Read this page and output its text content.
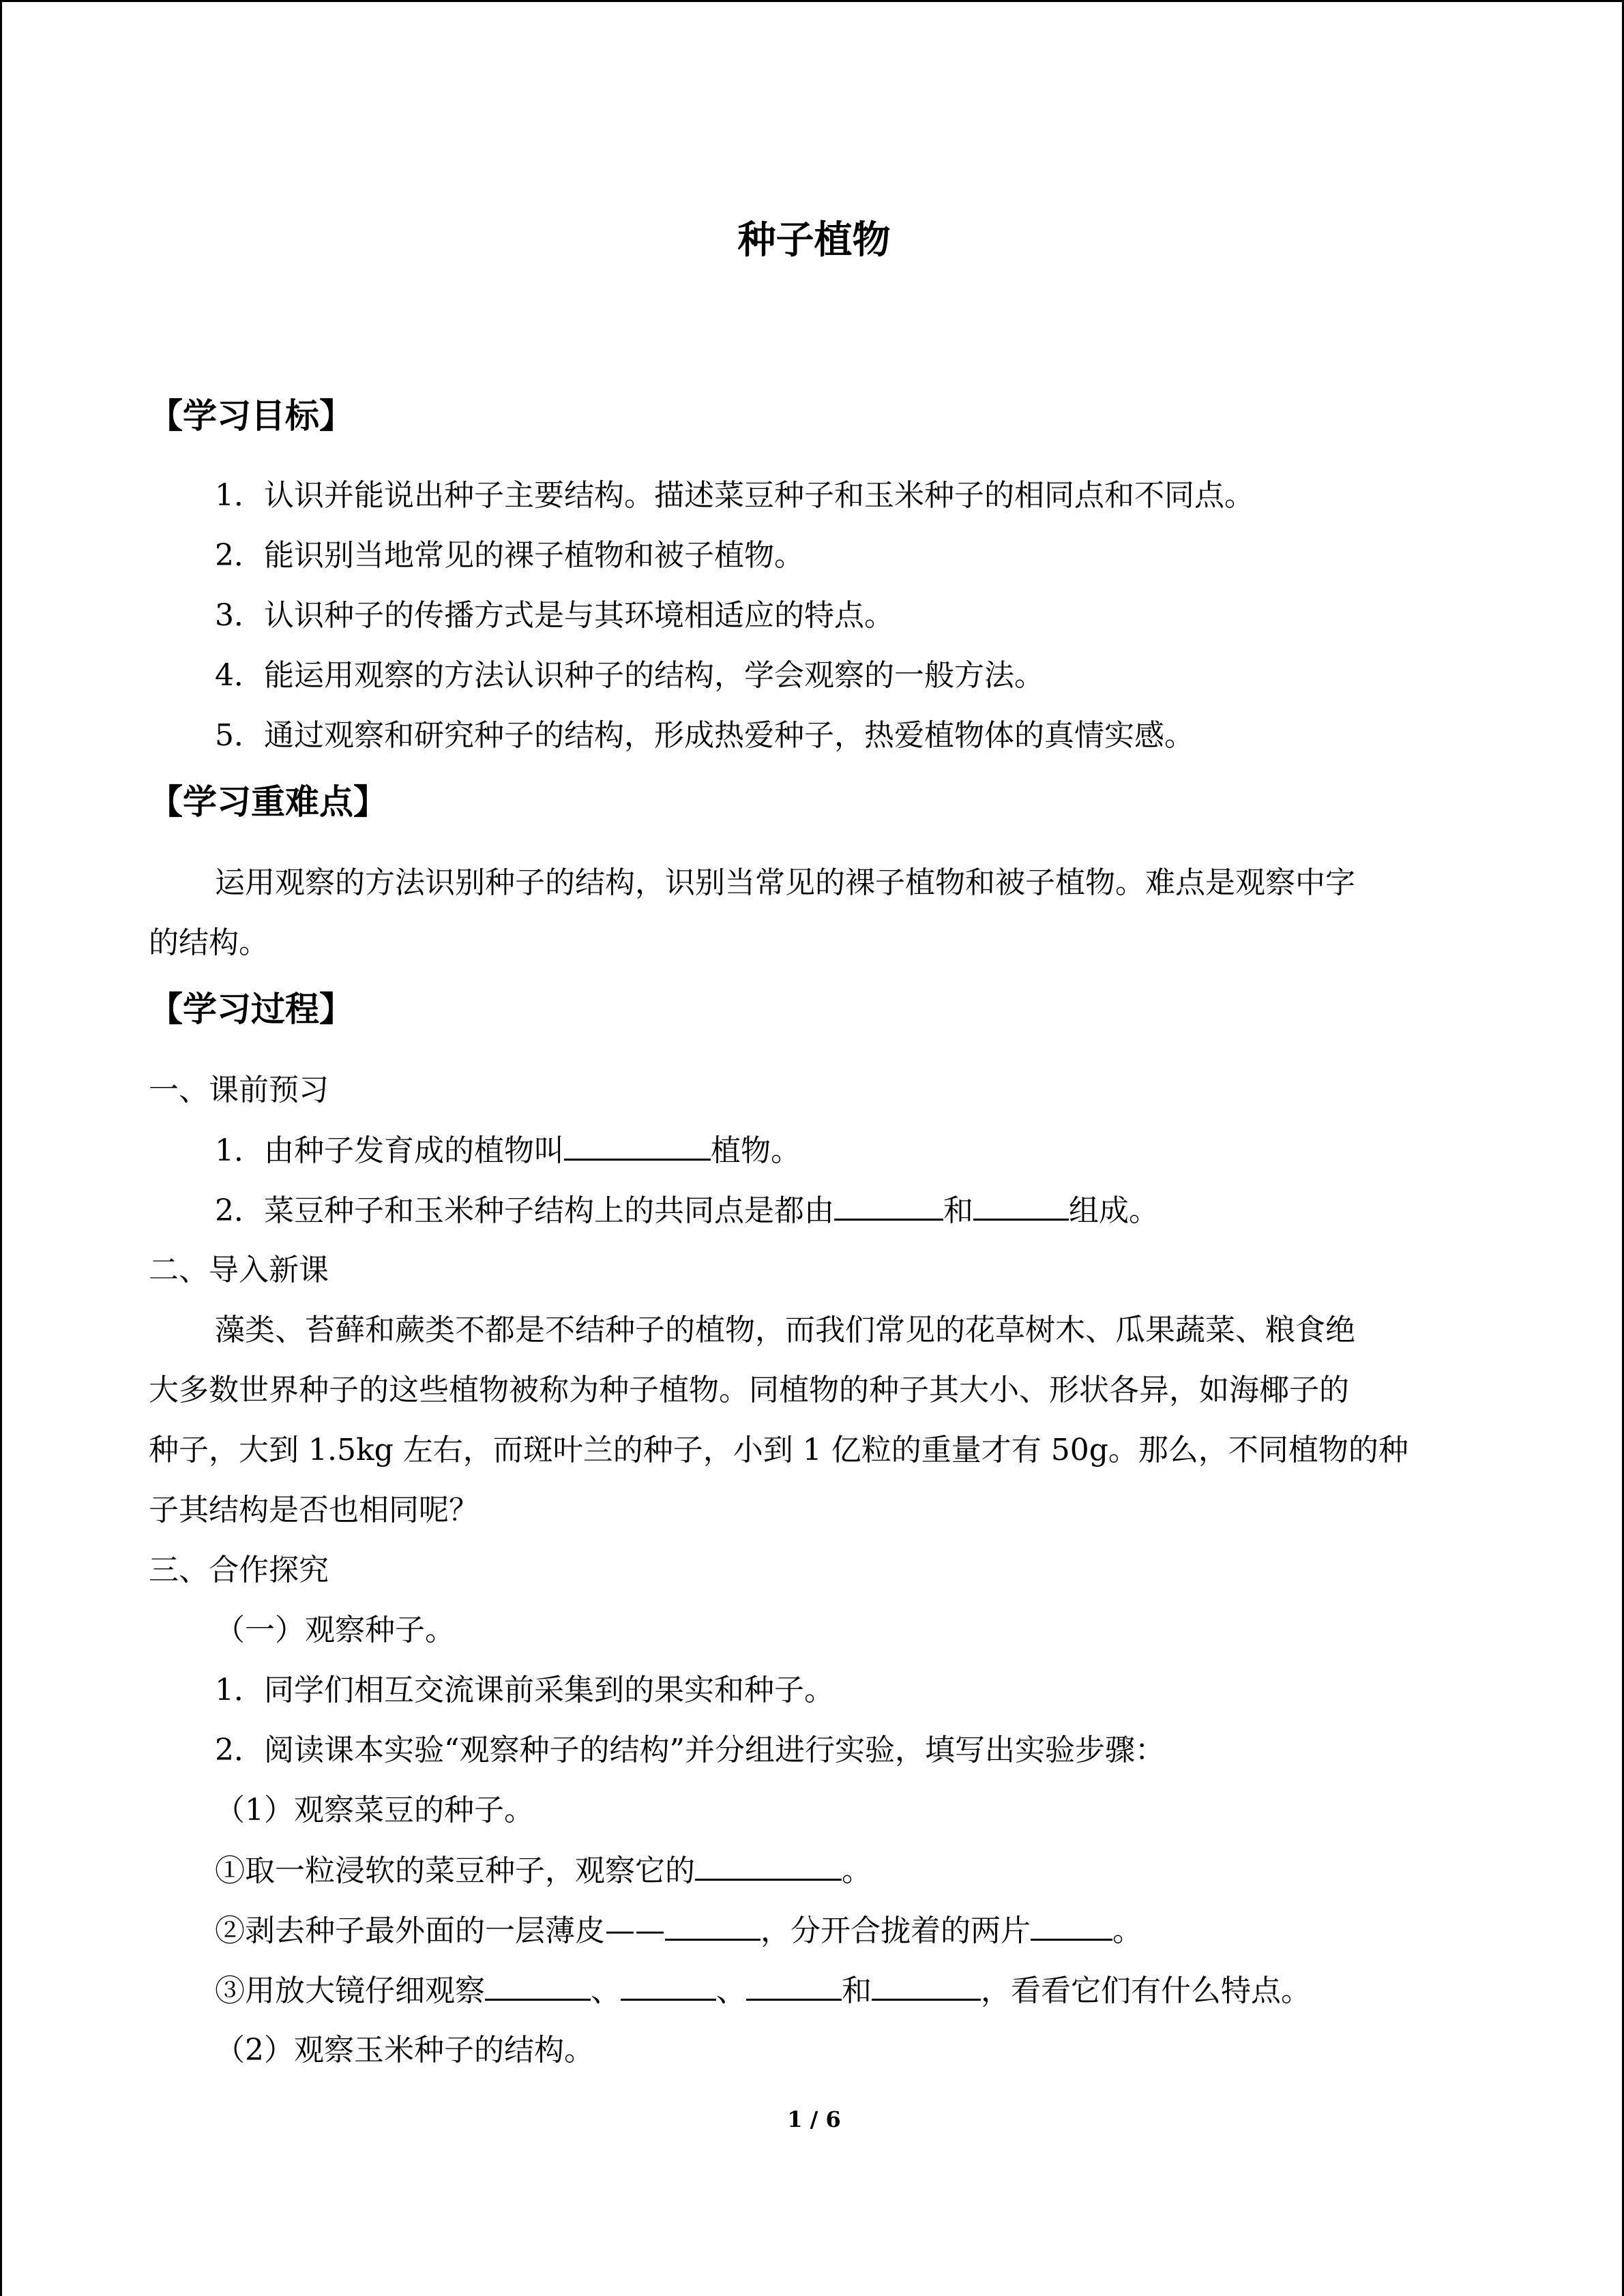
种子植物
【学习目标】
1．认识并能说出种子主要结构。描述菜豆种子和玉米种子的相同点和不同点。
2．能识别当地常见的裸子植物和被子植物。
3．认识种子的传播方式是与其环境相适应的特点。
4．能运用观察的方法认识种子的结构，学会观察的一般方法。
5．通过观察和研究种子的结构，形成热爱种子，热爱植物体的真情实感。
【学习重难点】
运用观察的方法识别种子的结构，识别当常见的裸子植物和被子植物。难点是观察中字
的结构。
【学习过程】
一、课前预习
1．由种子发育成的植物叫	植物。
2．菜豆种子和玉米种子结构上的共同点是都由	和	组成。
二、导入新课
藻类、苔藓和蕨类不都是不结种子的植物，而我们常见的花草树木、瓜果蔬菜、粮食绝
大多数世界种子的这些植物被称为种子植物。同植物的种子其大小、形状各异，如海椰子的
种子，大到 1.5kg 左右，而斑叶兰的种子，小到 1 亿粒的重量才有 50g。那么，不同植物的种
子其结构是否也相同呢？
三、合作探究
（一）观察种子。
1．同学们相互交流课前采集到的果实和种子。
2．阅读课本实验“观察种子的结构”并分组进行实验，填写出实验步骤：
（1）观察菜豆的种子。
①取一粒浸软的菜豆种子，观察它的	。
②剥去种子最外面的一层薄皮——	，分开合拢着的两片	。
③用放大镜仔细观察	、	、	和	，看看它们有什么特点。
（2）观察玉米种子的结构。
1 / 6
